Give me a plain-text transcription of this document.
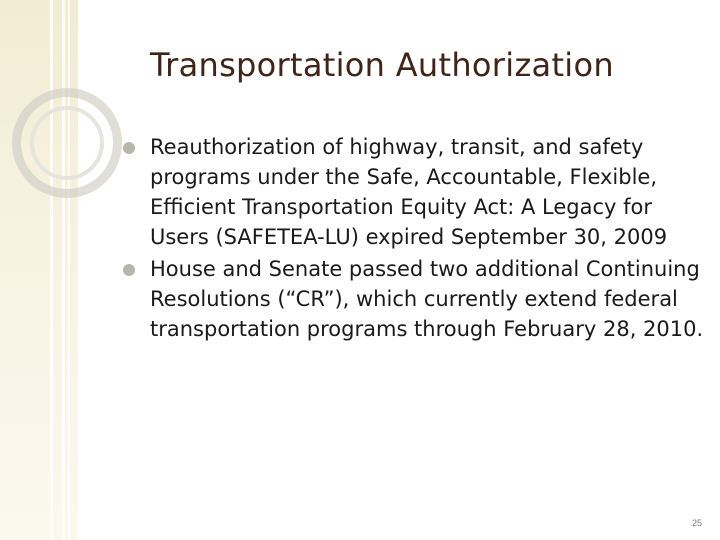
Transportation Authorization
Reauthorization of highway, transit, and safety programs under the Safe, Accountable, Flexible, Efficient Transportation Equity Act: A Legacy for Users (SAFETEA-LU) expired September 30, 2009
House and Senate passed two additional Continuing Resolutions (“CR”), which currently extend federal transportation programs through February 28, 2010.
25
